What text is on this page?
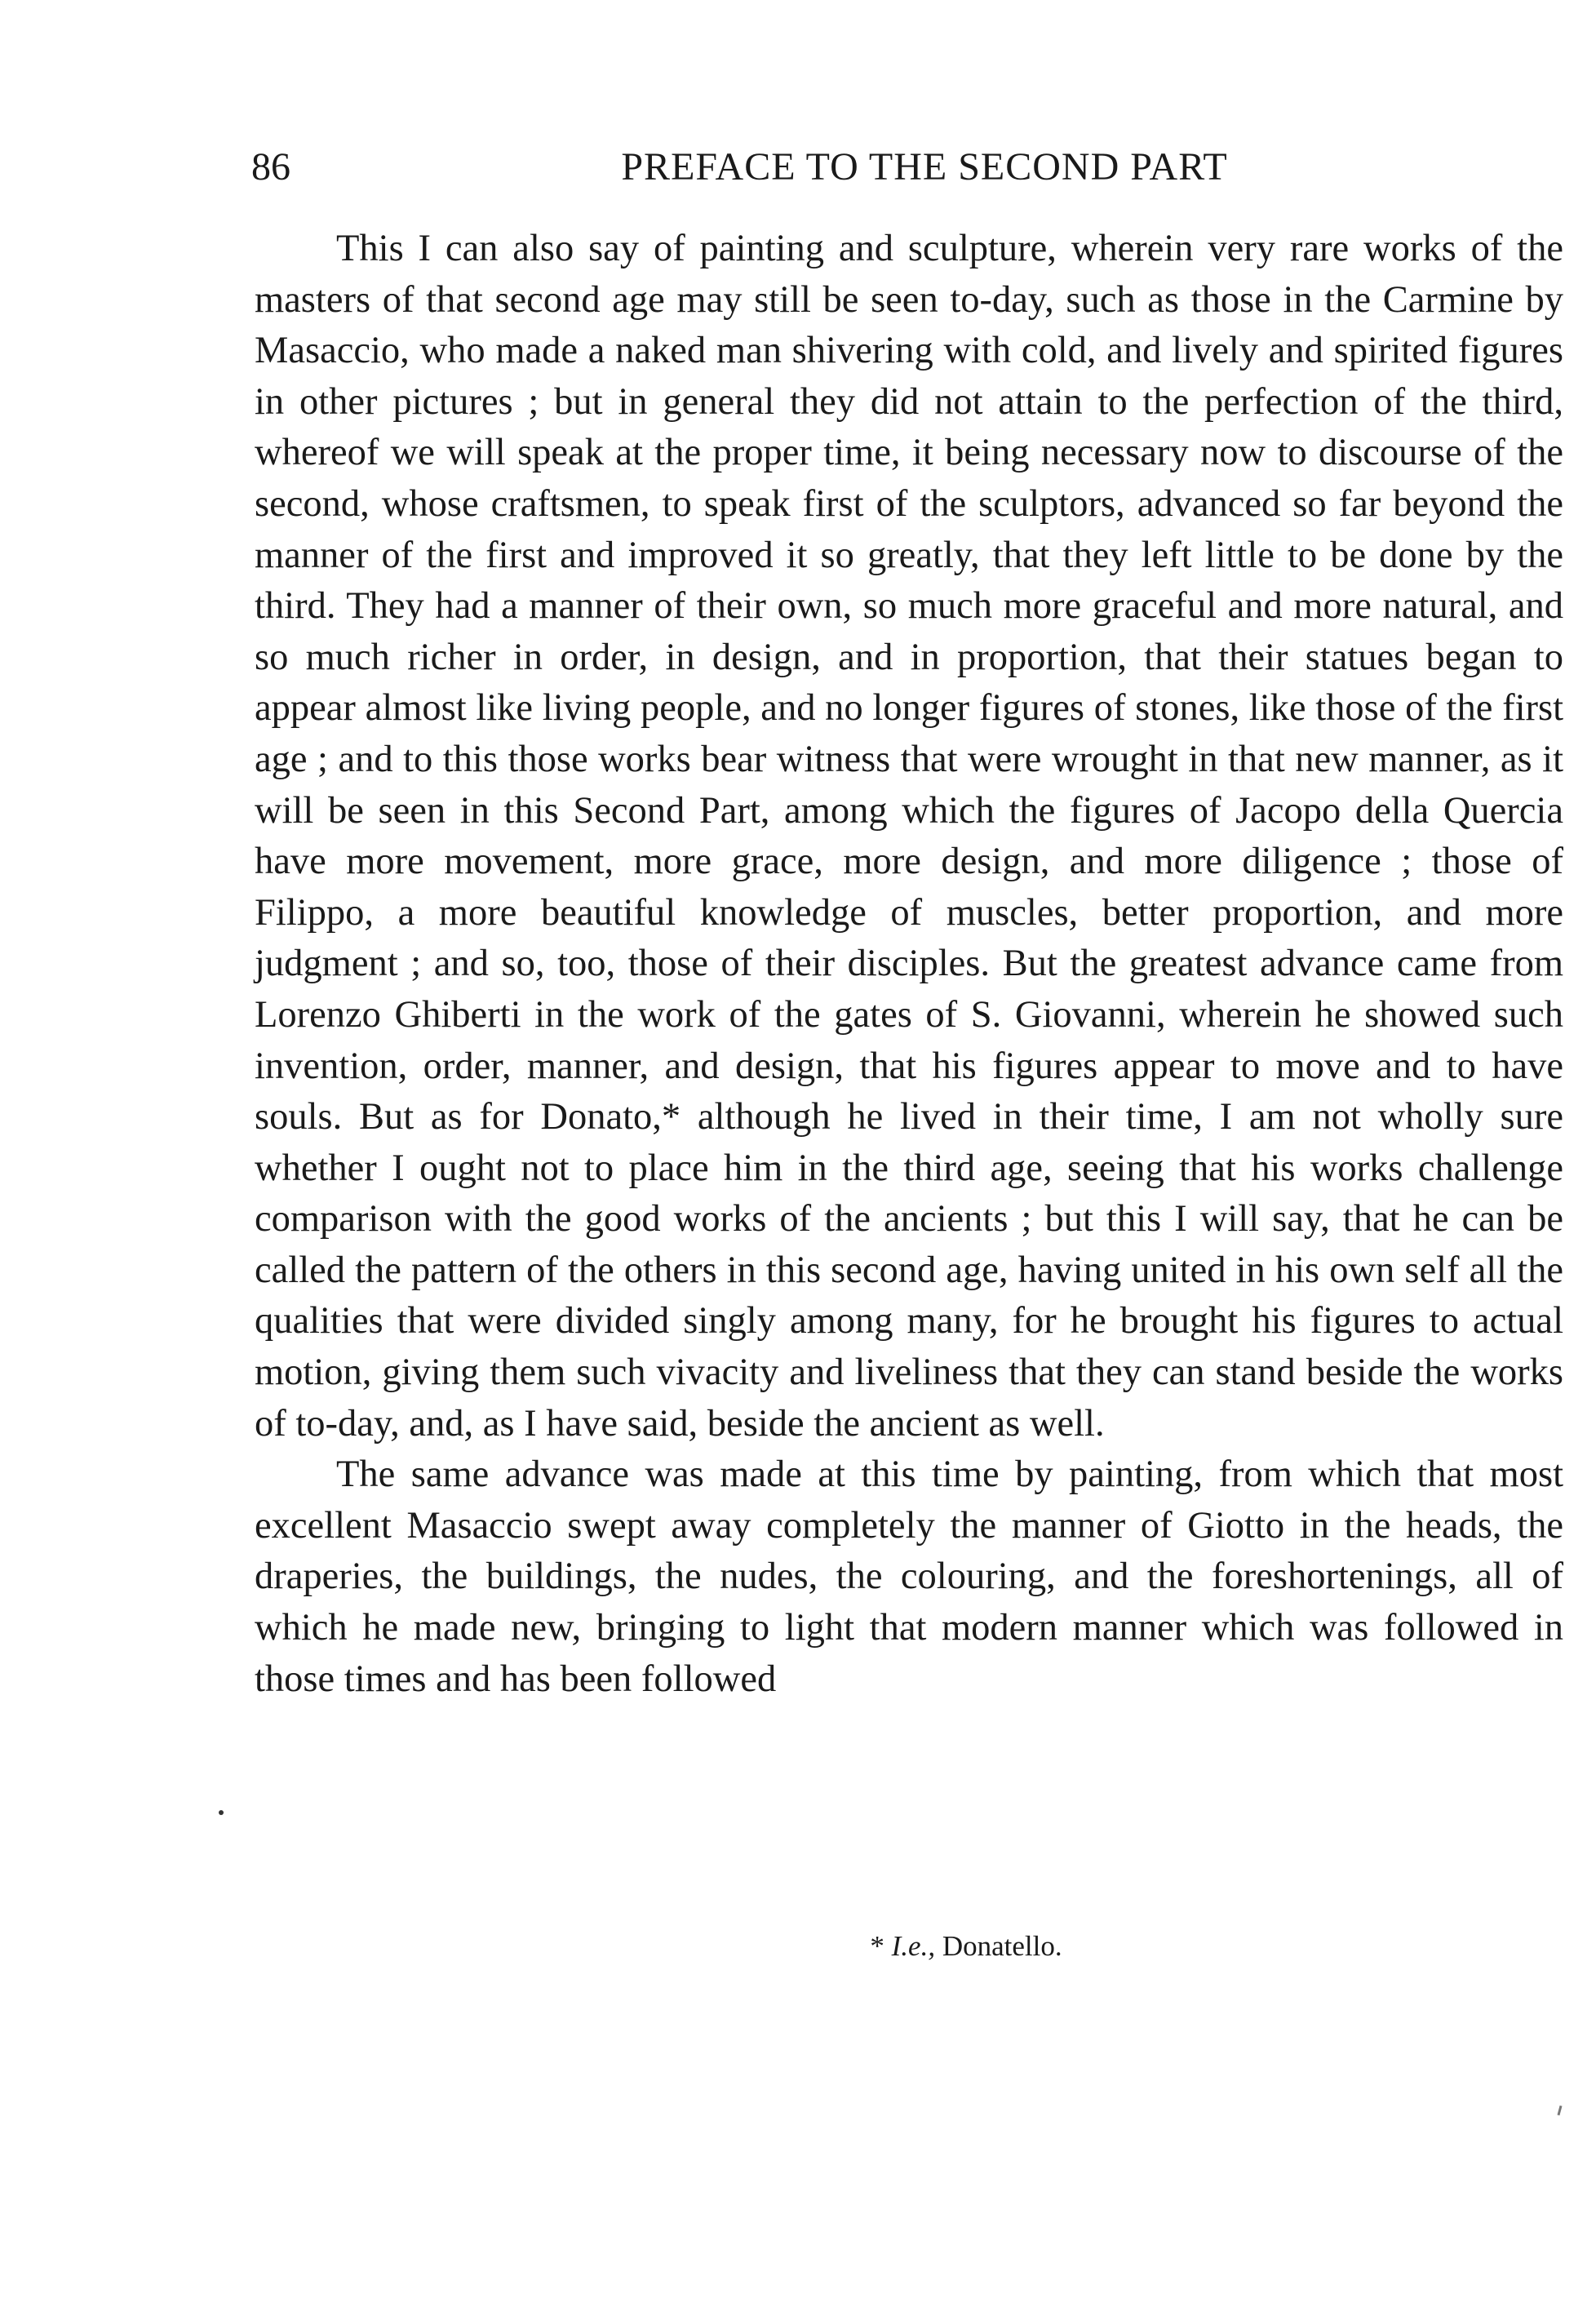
86	PREFACE TO THE SECOND PART

This I can also say of painting and sculpture, wherein very rare works of the masters of that second age may still be seen to-day, such as those in the Carmine by Masaccio, who made a naked man shivering with cold, and lively and spirited figures in other pictures ; but in general they did not attain to the perfection of the third, whereof we will speak at the proper time, it being necessary now to discourse of the second, whose craftsmen, to speak first of the sculptors, advanced so far beyond the manner of the first and improved it so greatly, that they left little to be done by the third. They had a manner of their own, so much more graceful and more natural, and so much richer in order, in design, and in proportion, that their statues began to appear almost like living people, and no longer figures of stones, like those of the first age ; and to this those works bear witness that were wrought in that new manner, as it will be seen in this Second Part, among which the figures of Jacopo della Quercia have more movement, more grace, more design, and more diligence ; those of Filippo, a more beautiful knowledge of muscles, better proportion, and more judgment ; and so, too, those of their disciples. But the greatest advance came from Lorenzo Ghiberti in the work of the gates of S. Giovanni, wherein he showed such invention, order, manner, and design, that his figures appear to move and to have souls. But as for Donato,* although he lived in their time, I am not wholly sure whether I ought not to place him in the third age, seeing that his works challenge comparison with the good works of the ancients ; but this I will say, that he can be called the pattern of the others in this second age, having united in his own self all the qualities that were divided singly among many, for he brought his figures to actual motion, giving them such vivacity and liveliness that they can stand beside the works of to-day, and, as I have said, beside the ancient as well.

The same advance was made at this time by painting, from which that most excellent Masaccio swept away completely the manner of Giotto in the heads, the draperies, the buildings, the nudes, the colouring, and the foreshortenings, all of which he made new, bringing to light that modern manner which was followed in those times and has been followed

* I.e., Donatello.
